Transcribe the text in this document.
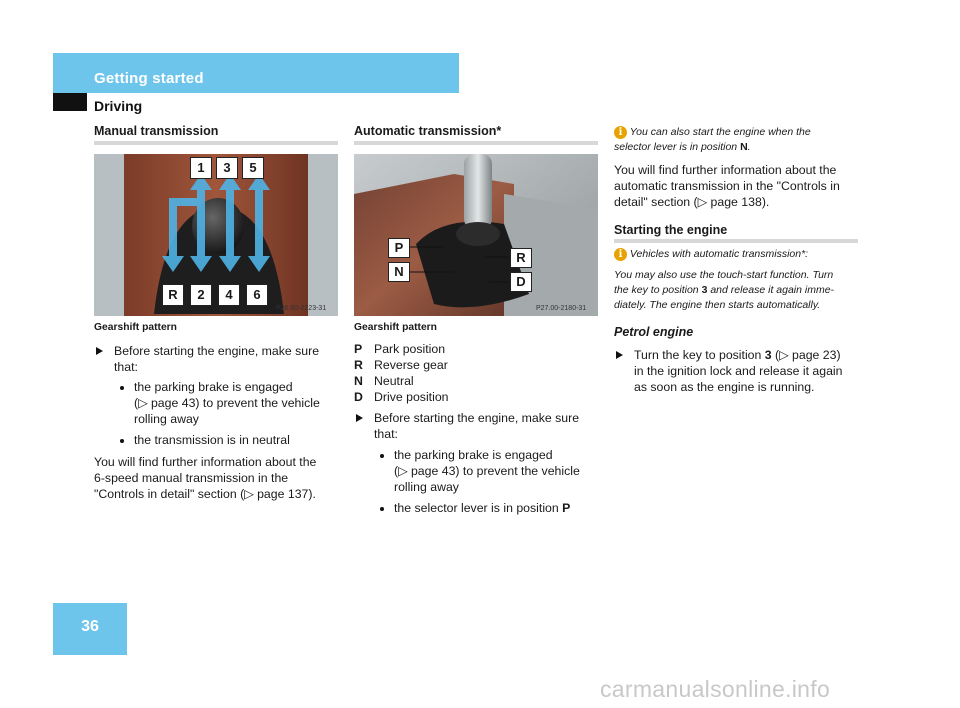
Getting started
Driving
Manual transmission
1	3	5
R	2	4	6
P26.60-2223-31
Gearshift pattern
Before starting the engine, make sure that:
the parking brake is engaged
(▷ page 43) to prevent the vehicle
rolling away
the transmission is in neutral
You will find further information about the
6-speed manual transmission in the
"Controls in detail" section (▷ page 137).
Automatic transmission*
P
N
R
D
P27.00-2180-31
Gearshift pattern
P Park position
R Reverse gear
N Neutral
D Drive position
Before starting the engine, make sure that:
the parking brake is engaged
(▷ page 43) to prevent the vehicle
rolling away
the selector lever is in position P
i You can also start the engine when the
selector lever is in position N.
You will find further information about the
automatic transmission in the "Controls in
detail" section (▷ page 138).
Starting the engine
i Vehicles with automatic transmission*:
You may also use the touch-start function. Turn
the key to position 3 and release it again imme-
diately. The engine then starts automatically.
Petrol engine
Turn the key to position 3 (▷ page 23)
in the ignition lock and release it again
as soon as the engine is running.
36
carmanualsonline.info
